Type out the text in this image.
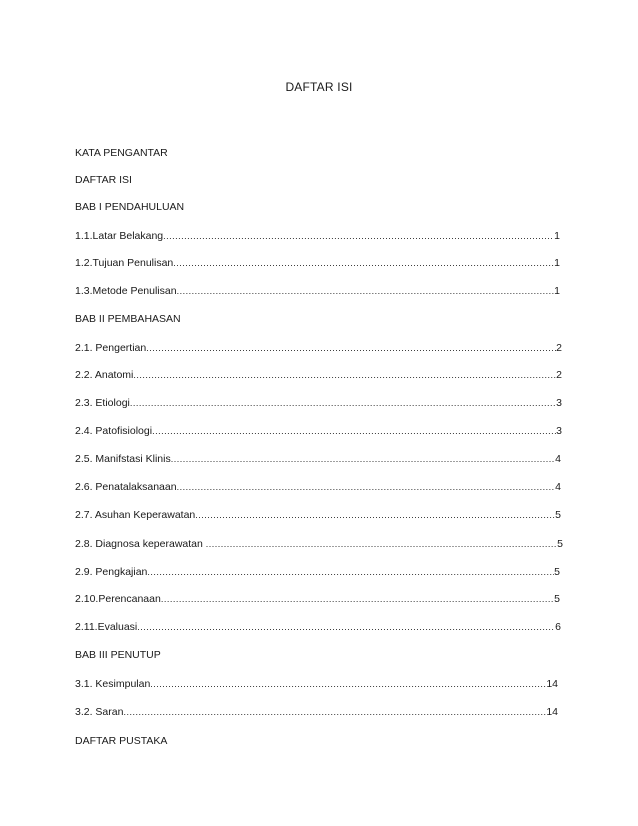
DAFTAR ISI
KATA PENGANTAR
DAFTAR ISI
BAB I PENDAHULUAN
1.1.Latar Belakang .....	1
1.2.Tujuan Penulisan .....	1
1.3.Metode Penulisan .....	1
BAB II PEMBAHASAN
2.1. Pengertian .....	2
2.2. Anatomi .....	2
2.3. Etiologi .....	3
2.4. Patofisiologi .....	3
2.5. Manifstasi Klinis .....	4
2.6. Penatalaksanaan .....	4
2.7. Asuhan Keperawatan .....	5
2.8. Diagnosa keperawatan .....	5
2.9. Pengkajian .....	5
2.10.Perencanaan .....	5
2.11.Evaluasi .....	6
BAB III PENUTUP
3.1. Kesimpulan .....	14
3.2. Saran .....	14
DAFTAR PUSTAKA
